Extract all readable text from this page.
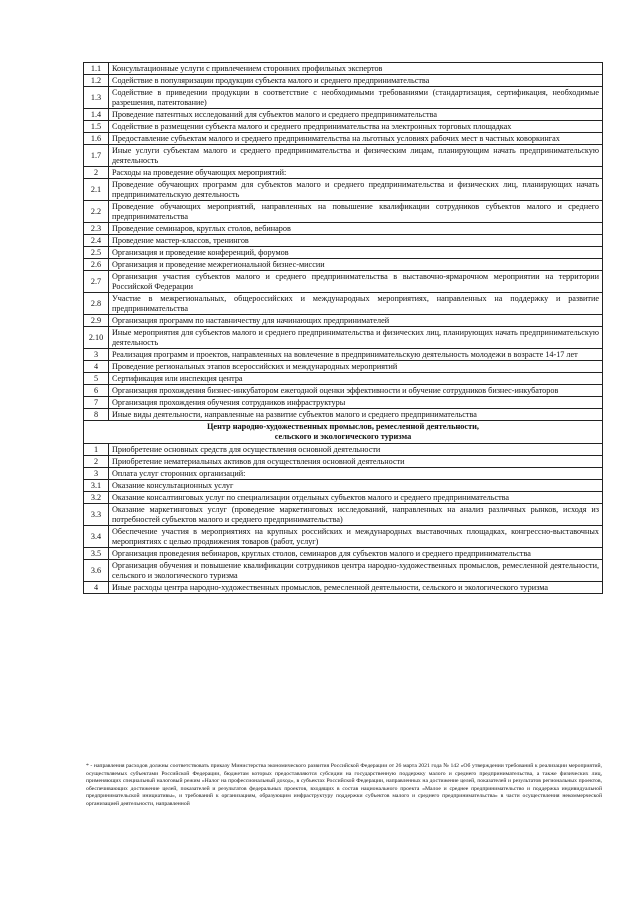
1.1	Консультационные услуги с привлечением сторонних профильных экспертов
1.2	Содействие в популяризации продукции субъекта малого и среднего предпринимательства
1.3	Содействие в приведении продукции в соответствие с необходимыми требованиями (стандартизация, сертификация, необходимые разрешения, патентование)
1.4	Проведение патентных исследований для субъектов малого и среднего предпринимательства
1.5	Содействие в размещении субъекта малого и среднего предпринимательства на электронных торговых площадках
1.6	Предоставление субъектам малого и среднего предпринимательства на льготных условиях рабочих мест в частных коворкингах
1.7	Иные услуги субъектам малого и среднего предпринимательства и физическим лицам, планирующим начать предпринимательскую деятельность
2	Расходы на проведение обучающих мероприятий:
2.1	Проведение обучающих программ для субъектов малого и среднего предпринимательства и физических лиц, планирующих начать предпринимательскую деятельность
2.2	Проведение обучающих мероприятий, направленных на повышение квалификации сотрудников субъектов малого и среднего предпринимательства
2.3	Проведение семинаров, круглых столов, вебинаров
2.4	Проведение мастер-классов, тренингов
2.5	Организация и проведение конференций, форумов
2.6	Организация и проведение межрегиональной бизнес-миссии
2.7	Организация участия субъектов малого и среднего предпринимательства в выставочно-ярмарочном мероприятии на территории Российской Федерации
2.8	Участие в межрегиональных, общероссийских и международных мероприятиях, направленных на поддержку и развитие предпринимательства
2.9	Организация программ по наставничеству для начинающих предпринимателей
2.10	Иные мероприятия для субъектов малого и среднего предпринимательства и физических лиц, планирующих начать предпринимательскую деятельность
3	Реализация программ и проектов, направленных на вовлечение в предпринимательскую деятельность молодежи в возрасте 14-17 лет
4	Проведение региональных этапов всероссийских и международных мероприятий
5	Сертификация или инспекция центра
6	Организация прохождения бизнес-инкубатором ежегодной оценки эффективности и обучение сотрудников бизнес-инкубаторов
7	Организация прохождения обучения сотрудников инфраструктуры
8	Иные виды деятельности, направленные на развитие субъектов малого и среднего предпринимательства
Центр народно-художественных промыслов, ремесленной деятельности,
сельского и экологического туризма	
1	Приобретение основных средств для осуществления основной деятельности
2	Приобретение нематериальных активов для осуществления основной деятельности
3	Оплата услуг сторонних организаций:
3.1	Оказание консультационных услуг
3.2	Оказание консалтинговых услуг по специализации отдельных субъектов малого и среднего предпринимательства
3.3	Оказание маркетинговых услуг (проведение маркетинговых исследований, направленных на анализ различных рынков, исходя из потребностей субъектов малого и среднего предпринимательства)
3.4	Обеспечение участия в мероприятиях на крупных российских и международных выставочных площадках, конгрессно-выставочных мероприятиях с целью продвижения товаров (работ, услуг)
3.5	Организация проведения вебинаров, круглых столов, семинаров для субъектов малого и среднего предпринимательства
3.6	Организация обучения и повышение квалификации сотрудников центра народно-художественных промыслов, ремесленной деятельности, сельского и экологического туризма
4	Иные расходы центра народно-художественных промыслов, ремесленной деятельности, сельского и экологического туризма
* - направления расходов должны соответствовать приказу Министерства экономического развития Российской Федерации от 26 марта 2021 года № 142 «Об утверждении требований к реализации мероприятий, осуществляемых субъектами Российской Федерации, бюджетам которых предоставляются субсидии на государственную поддержку малого и среднего предпринимательства, а также физических лиц, применяющих специальный налоговый режим «Налог на профессиональный доход», в субъектах Российской Федерации, направленных на достижение целей, показателей и результатов региональных проектов, обеспечивающих достижение целей, показателей и результатов федеральных проектов, входящих в состав национального проекта «Малое и среднее предпринимательство и поддержка индивидуальной предпринимательской инициативы», и требований к организациям, образующим инфраструктуру поддержки субъектов малого и среднего предпринимательства» в части осуществления некоммерческой организацией деятельности, направленной
